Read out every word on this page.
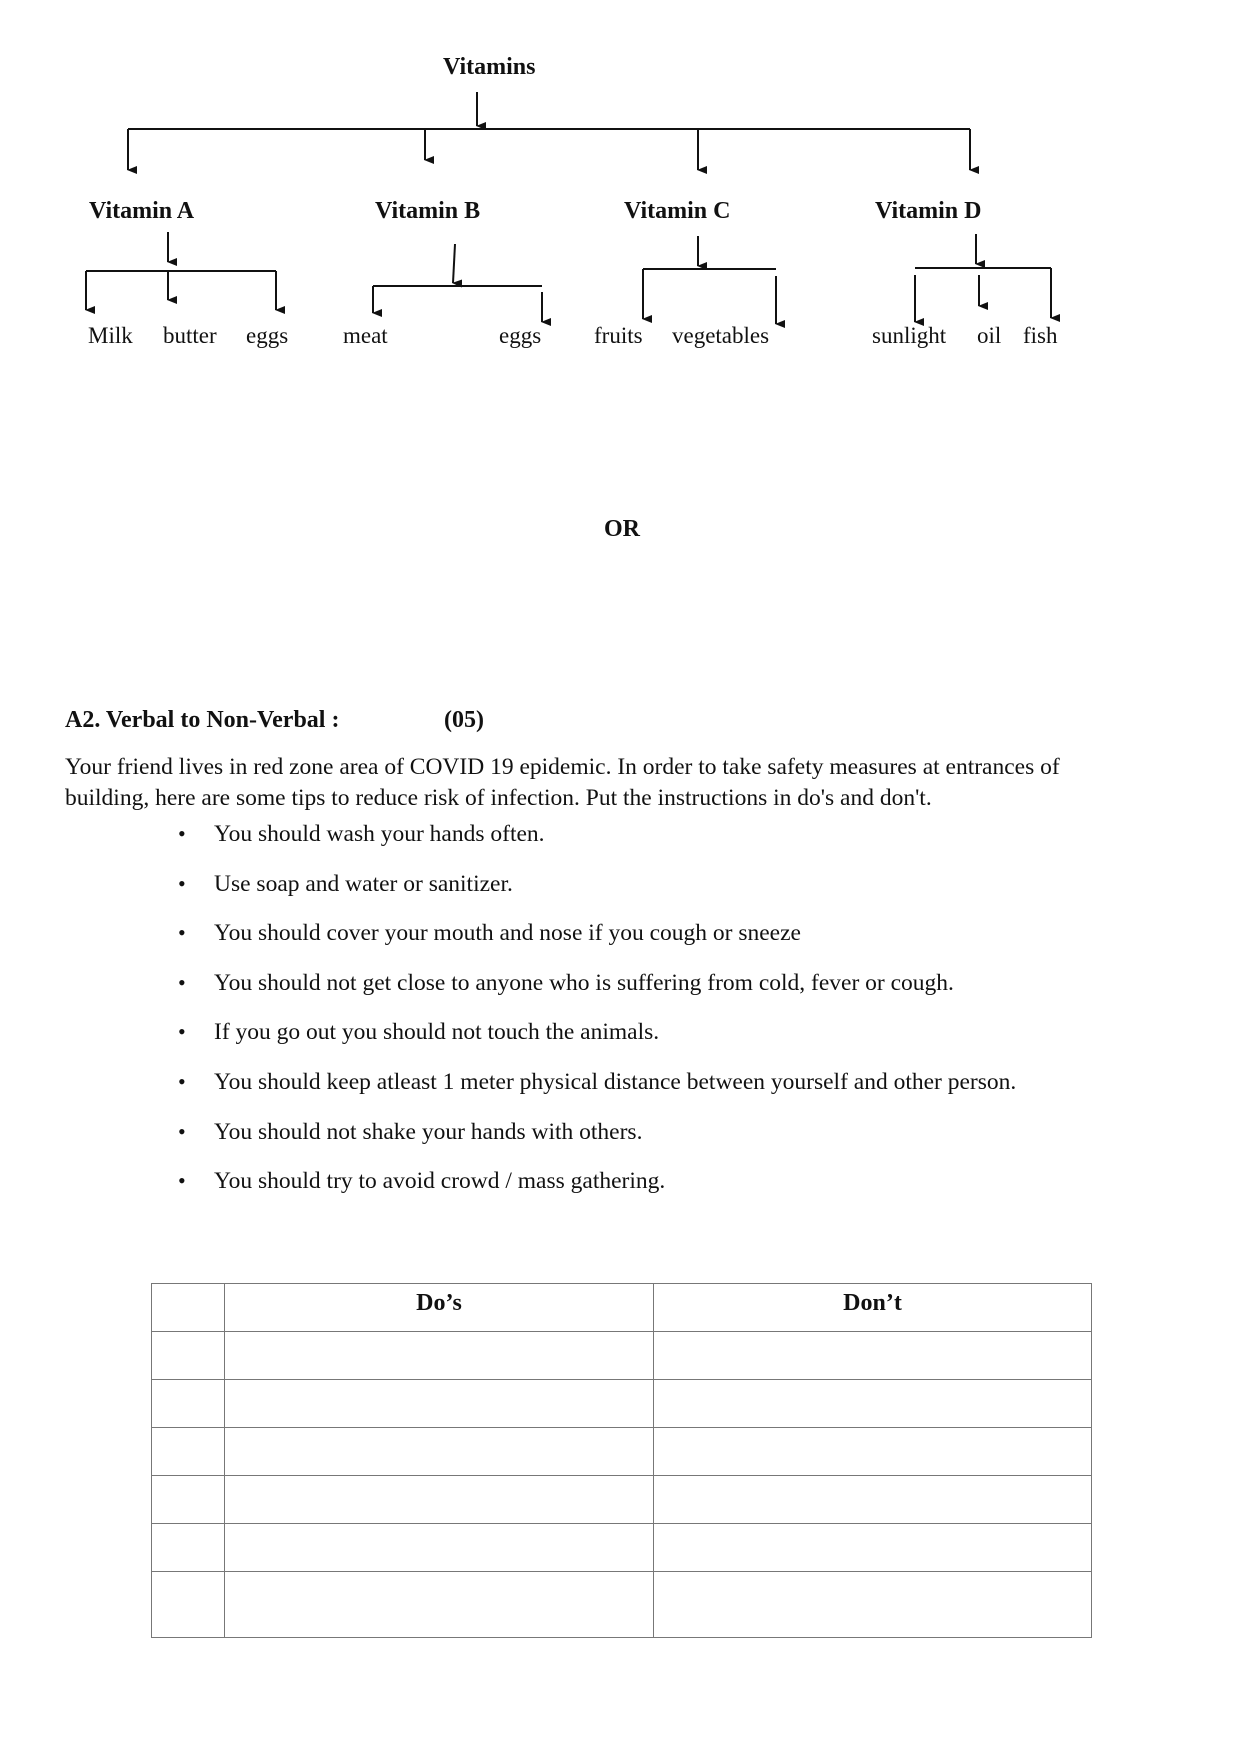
Vitamins
Vitamin A	Vitamin B	Vitamin C	Vitamin D
Milk butter eggs meat	eggs fruits vegetables	sunlight oil fish
OR
A2. Verbal to Non-Verbal :	(05)
Your friend lives in red zone area of COVID 19 epidemic. In order to take safety measures at entrances of
building, here are some tips to reduce risk of infection. Put the instructions in do's and don't.
• You should wash your hands often.
• Use soap and water or sanitizer.
• You should cover your mouth and nose if you cough or sneeze
• You should not get close to anyone who is suffering from cold, fever or cough.
• If you go out you should not touch the animals.
• You should keep atleast 1 meter physical distance between yourself and other person.
• You should not shake your hands with others.
• You should try to avoid crowd / mass gathering.
	Do’s	Don’t
